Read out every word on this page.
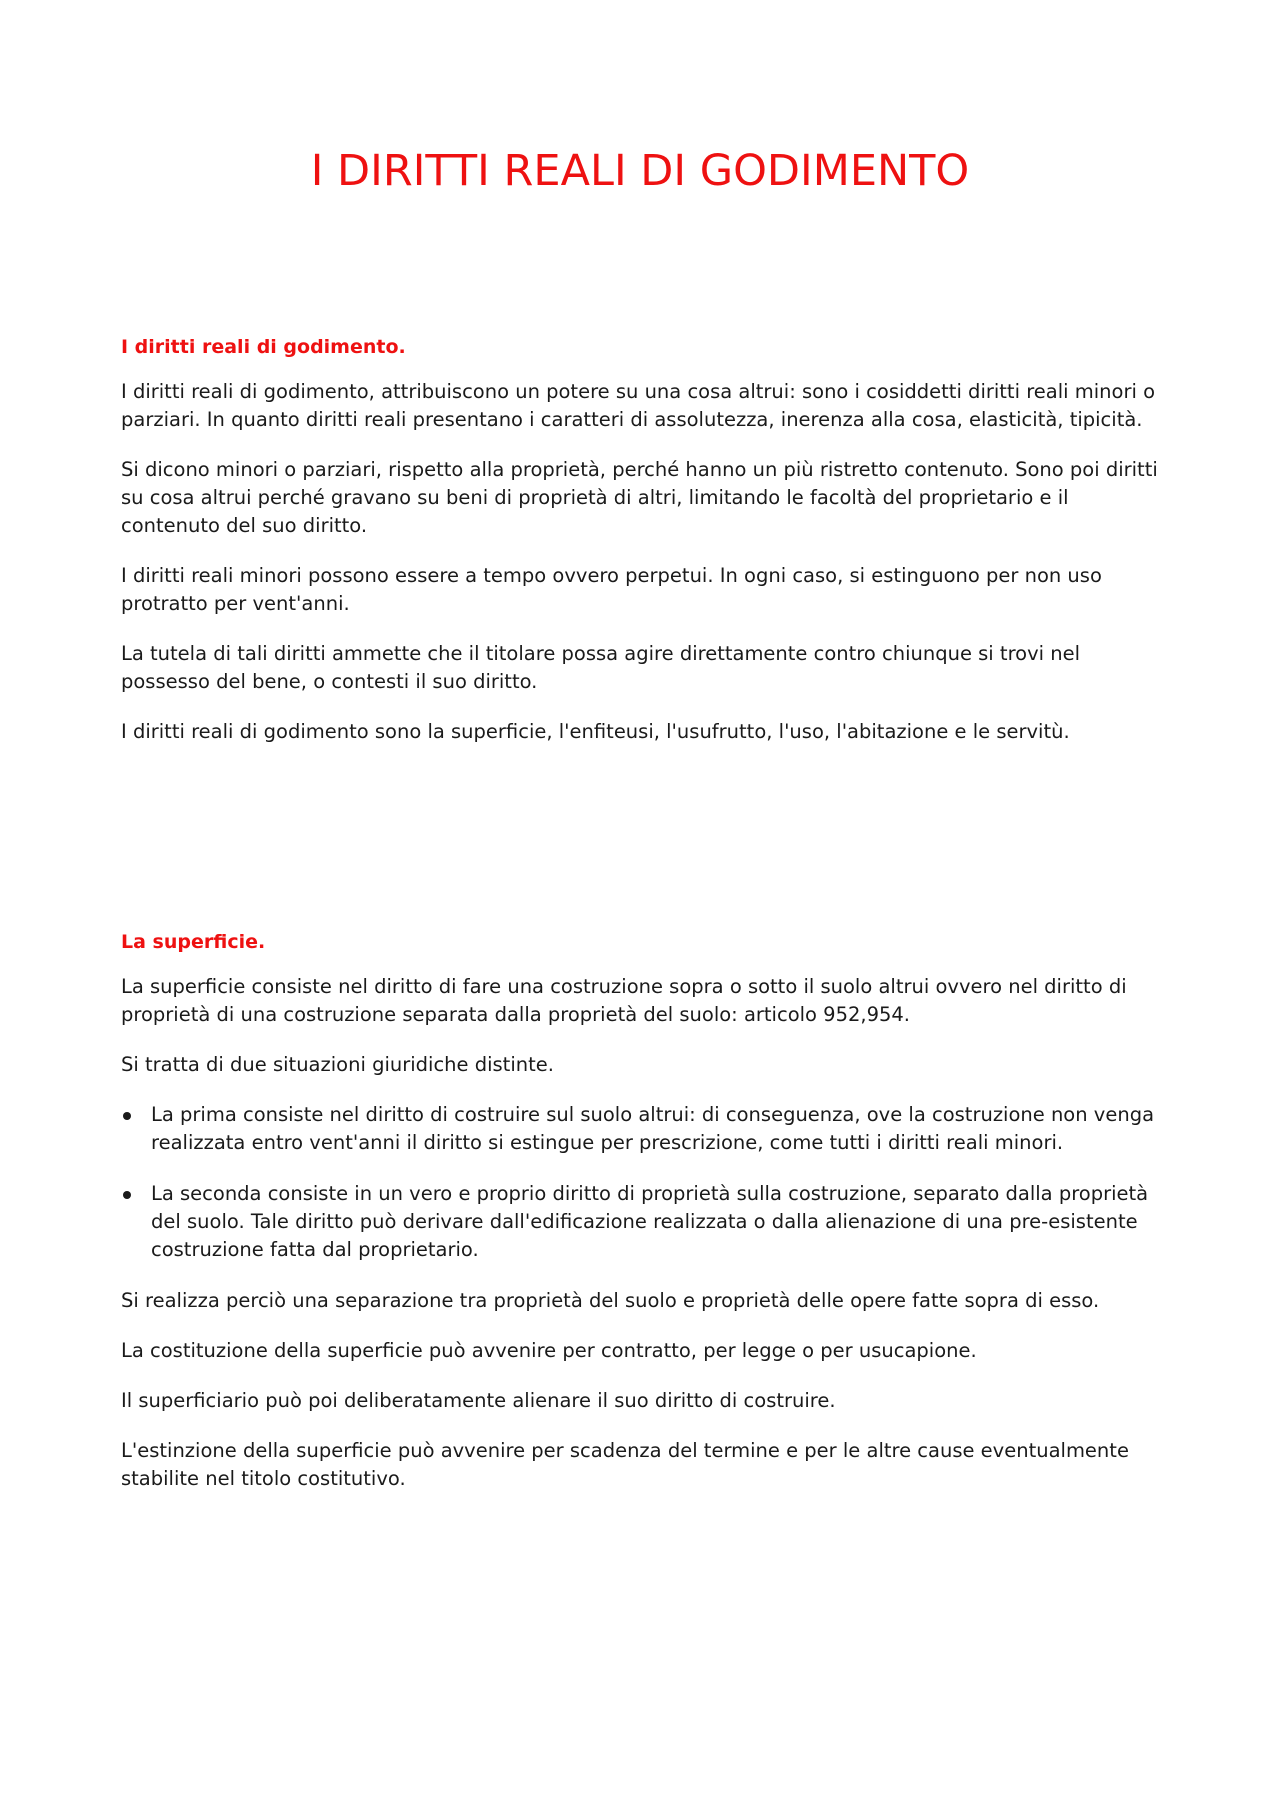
I DIRITTI REALI DI GODIMENTO

I diritti reali di godimento.

I diritti reali di godimento, attribuiscono un potere su una cosa altrui: sono i cosiddetti diritti reali minori o parziari. In quanto diritti reali presentano i caratteri di assolutezza, inerenza alla cosa, elasticità, tipicità.

Si dicono minori o parziari, rispetto alla proprietà, perché hanno un più ristretto contenuto. Sono poi diritti su cosa altrui perché gravano su beni di proprietà di altri, limitando le facoltà del proprietario e il contenuto del suo diritto.

I diritti reali minori possono essere a tempo ovvero perpetui. In ogni caso, si estinguono per non uso protratto per vent'anni.

La tutela di tali diritti ammette che il titolare possa agire direttamente contro chiunque si trovi nel possesso del bene, o contesti il suo diritto.

I diritti reali di godimento sono la superficie, l'enfiteusi, l'usufrutto, l'uso, l'abitazione e le servitù.

La superficie.

La superficie consiste nel diritto di fare una costruzione sopra o sotto il suolo altrui ovvero nel diritto di proprietà di una costruzione separata dalla proprietà del suolo: articolo 952,954.

Si tratta di due situazioni giuridiche distinte.

La prima consiste nel diritto di costruire sul suolo altrui: di conseguenza, ove la costruzione non venga realizzata entro vent'anni il diritto si estingue per prescrizione, come tutti i diritti reali minori.
La seconda consiste in un vero e proprio diritto di proprietà sulla costruzione, separato dalla proprietà del suolo. Tale diritto può derivare dall'edificazione realizzata o dalla alienazione di una pre-esistente costruzione fatta dal proprietario.

Si realizza perciò una separazione tra proprietà del suolo e proprietà delle opere fatte sopra di esso.

La costituzione della superficie può avvenire per contratto, per legge o per usucapione.

Il superficiario può poi deliberatamente alienare il suo diritto di costruire.

L'estinzione della superficie può avvenire per scadenza del termine e per le altre cause eventualmente stabilite nel titolo costitutivo.
